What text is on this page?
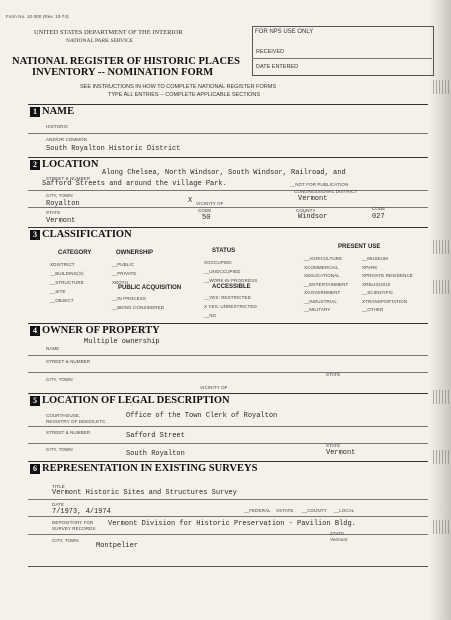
Form No. 10-300 (Rev. 10-74)
UNITED STATES DEPARTMENT OF THE INTERIOR
NATIONAL PARK SERVICE
NATIONAL REGISTER OF HISTORIC PLACES
INVENTORY -- NOMINATION FORM
FOR NPS USE ONLY
RECEIVED
DATE ENTERED
SEE INSTRUCTIONS IN HOW TO COMPLETE NATIONAL REGISTER FORMS
TYPE ALL ENTRIES -- COMPLETE APPLICABLE SECTIONS
1 NAME
HISTORIC
AND/OR COMMON
South Royalton Historic District
2 LOCATION
STREET & NUMBER
Along Chelsea, North Windsor, South Windsor, Railroad, and
Safford Streets and around the village Park.	__NOT FOR PUBLICATION
CITY, TOWN
Royalton	X VICINITY OF
CONGRESSIONAL DISTRICT
Vermont
STATE
Vermont
CODE
50
COUNTY
Windsor
CODE
027
3 CLASSIFICATION
CATEGORY
XDISTRICT
__BUILDING(S)
__STRUCTURE
__SITE
__OBJECT
OWNERSHIP
__PUBLIC
__PRIVATE
XBOTH
PUBLIC ACQUISITION
__IN PROCESS
__BEING CONSIDERED
STATUS
XOCCUPIED
__UNOCCUPIED
__WORK IN PROGRESS
ACCESSIBLE
__YES: RESTRICTED
X YES: UNRESTRICTED
__NO
PRESENT USE
__AGRICULTURE
XCOMMERCIAL
XEDUCATIONAL
__ENTERTAINMENT
XGOVERNMENT
__INDUSTRIAL
__MILITARY
__MUSEUM
XPARK
XPRIVATE RESIDENCE
XRELIGIOUS
__SCIENTIFIC
XTRANSPORTATION
__OTHER
4 OWNER OF PROPERTY
Multiple ownership
NAME
STREET & NUMBER
STATE
CITY, TOWN
VICINITY OF
5 LOCATION OF LEGAL DESCRIPTION
COURTHOUSE,
REGISTRY OF DEEDS,ETC.
Office of the Town Clerk of Royalton
STREET & NUMBER	Safford Street
CITY, TOWN
South Royalton
STATE
Vermont
6 REPRESENTATION IN EXISTING SURVEYS
TITLE
Vermont Historic Sites and Structures Survey
DATE
7/1973, 4/1974	__FEDERAL XSTATE __COUNTY __LOCAL
DEPOSITORY FOR
SURVEY RECORDS
Vermont Division for Historic Preservation - Pavilion Bldg.
CITY, TOWN
Montpelier
STATE
Vermont
